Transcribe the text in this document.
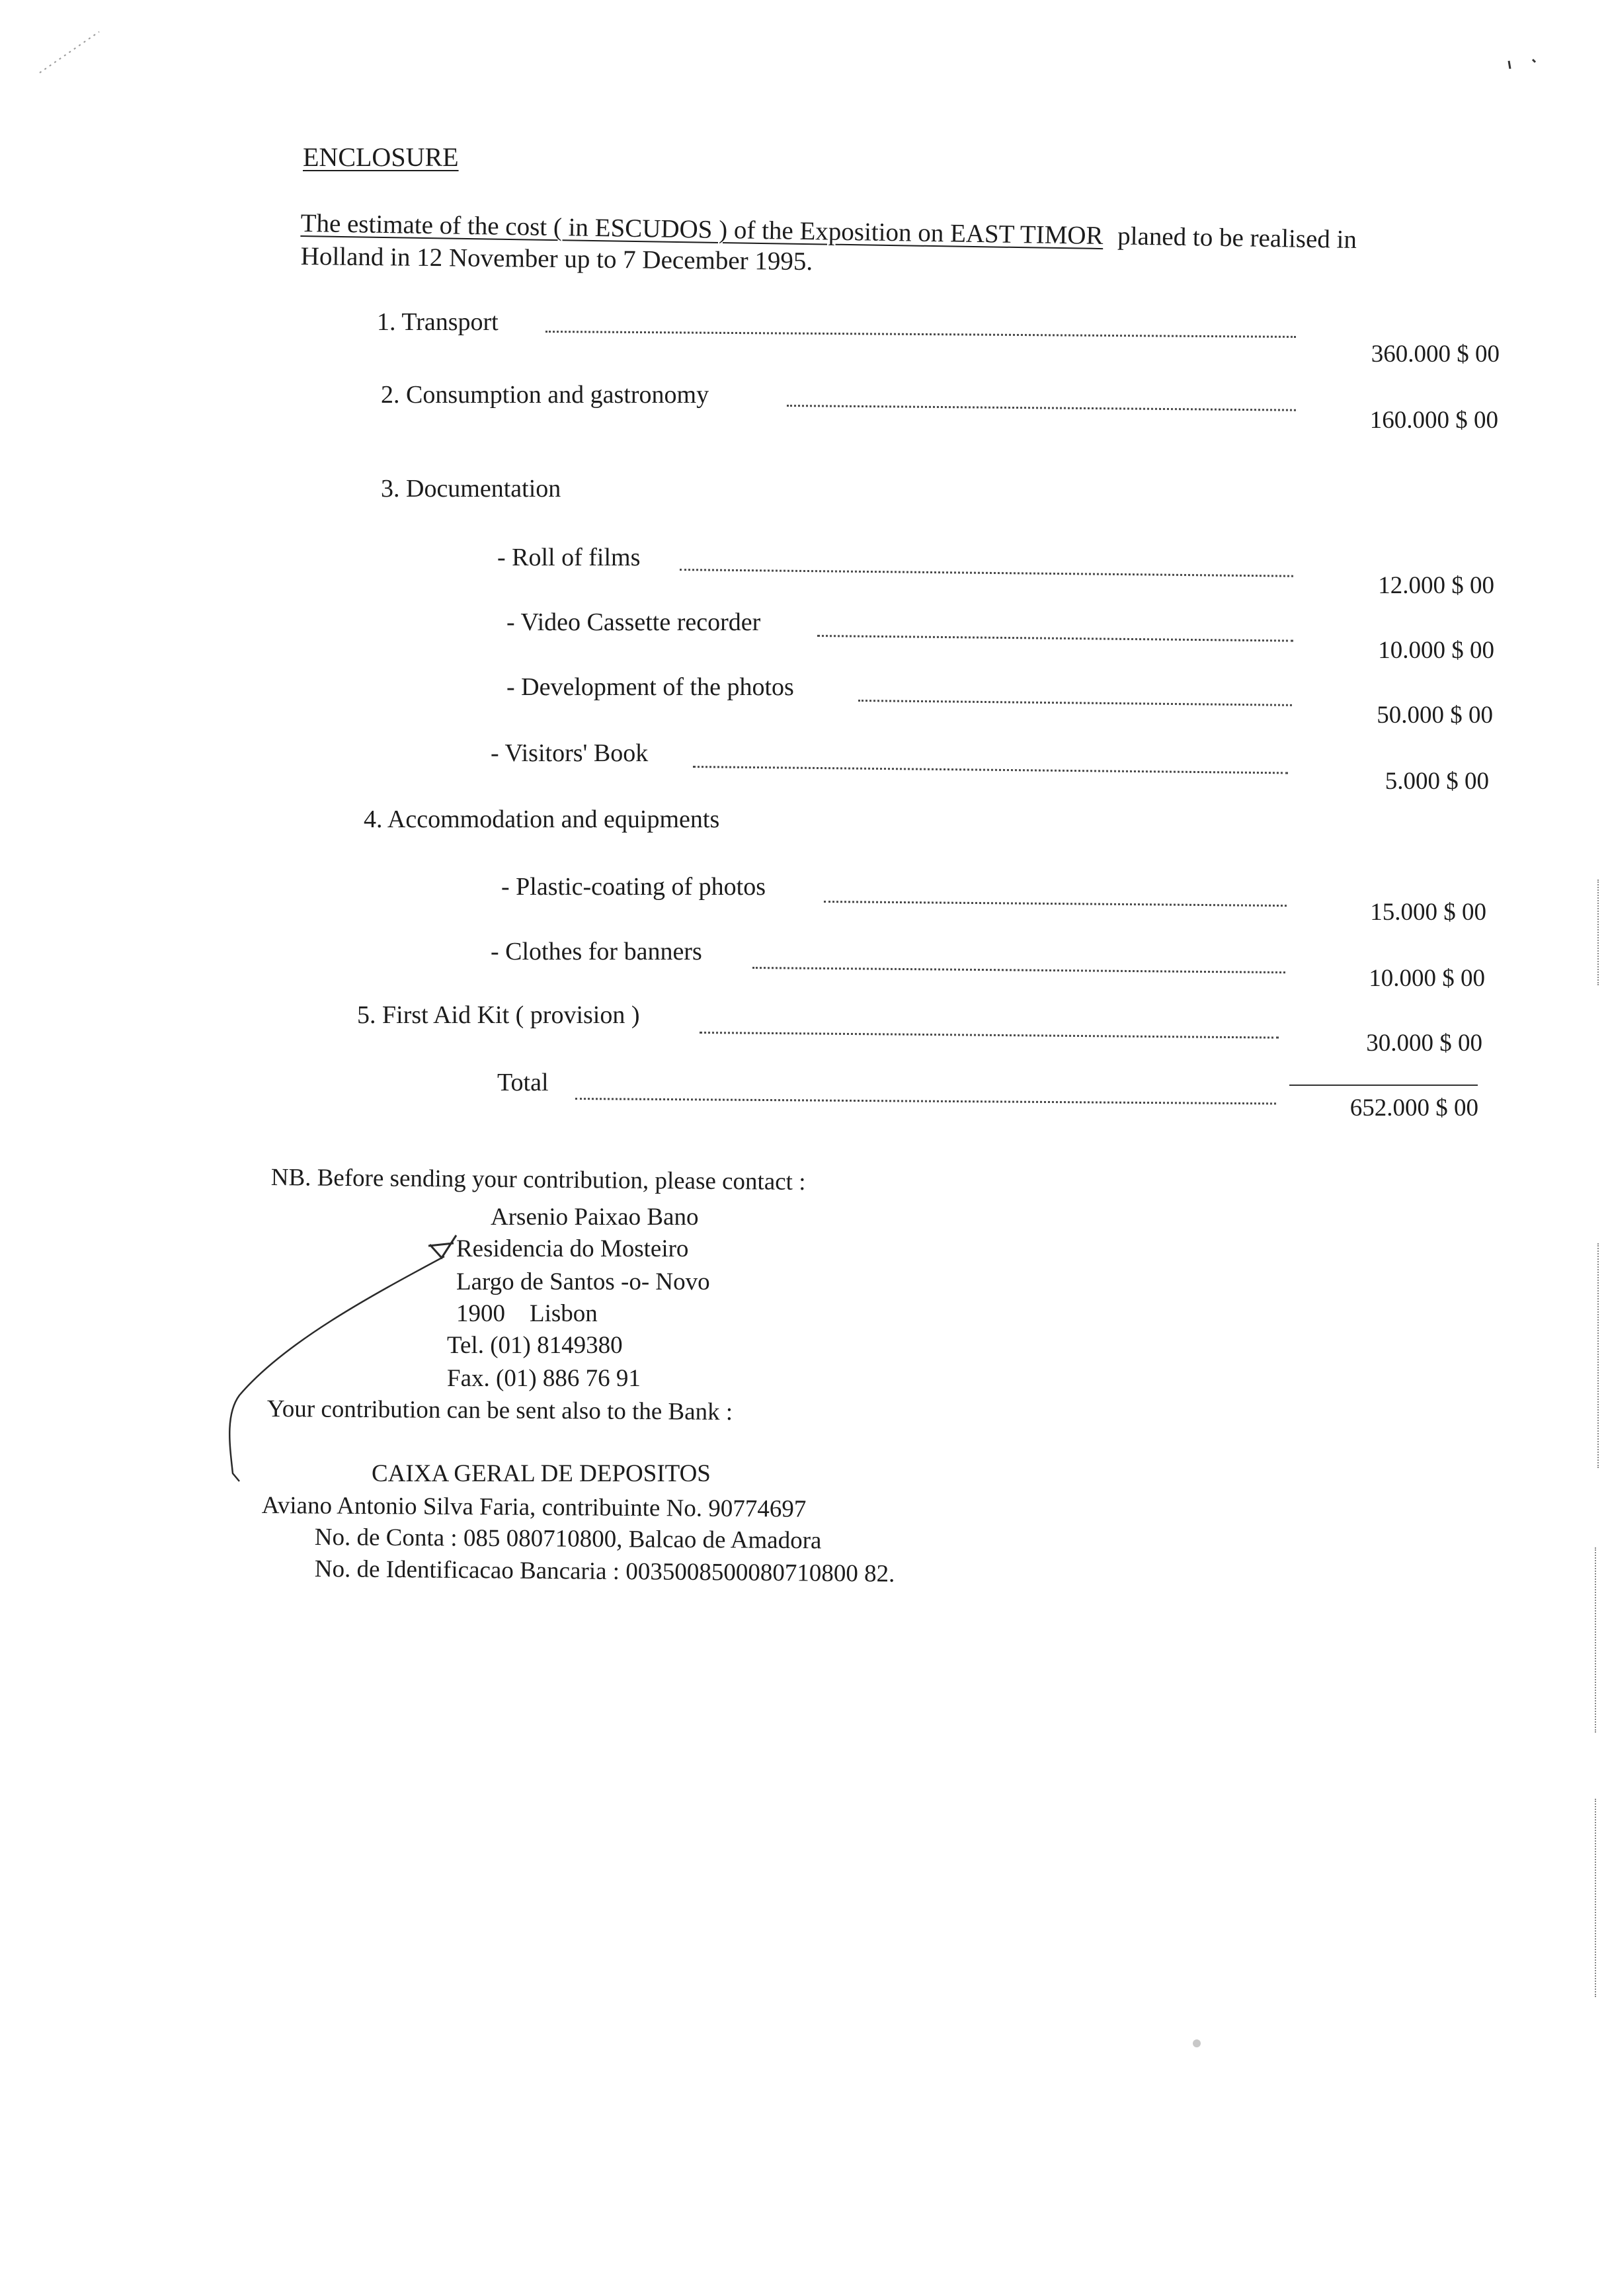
ENCLOSURE
The estimate of the cost ( in ESCUDOS ) of the Exposition on EAST TIMOR planed to be realised in
Holland in 12 November up to 7 December 1995.
1. Transport
360.000 $ 00
2. Consumption and gastronomy
160.000 $ 00
3. Documentation
- Roll of films
12.000 $ 00
- Video Cassette recorder
10.000 $ 00
- Development of the photos
50.000 $ 00
- Visitors' Book
5.000 $ 00
4. Accommodation and equipments
- Plastic-coating of photos
15.000 $ 00
- Clothes for banners
10.000 $ 00
5. First Aid Kit ( provision )
30.000 $ 00
Total
652.000 $ 00
NB. Before sending your contribution, please contact :
Arsenio Paixao Bano
Residencia do Mosteiro
Largo de Santos -o- Novo
1900    Lisbon
Tel. (01) 8149380
Fax. (01) 886 76 91
Your contribution can be sent also to the Bank :
CAIXA GERAL DE DEPOSITOS
Aviano Antonio Silva Faria, contribuinte No. 90774697
No. de Conta : 085 080710800, Balcao de Amadora
No. de Identificacao Bancaria : 0035008500080710800 82.
